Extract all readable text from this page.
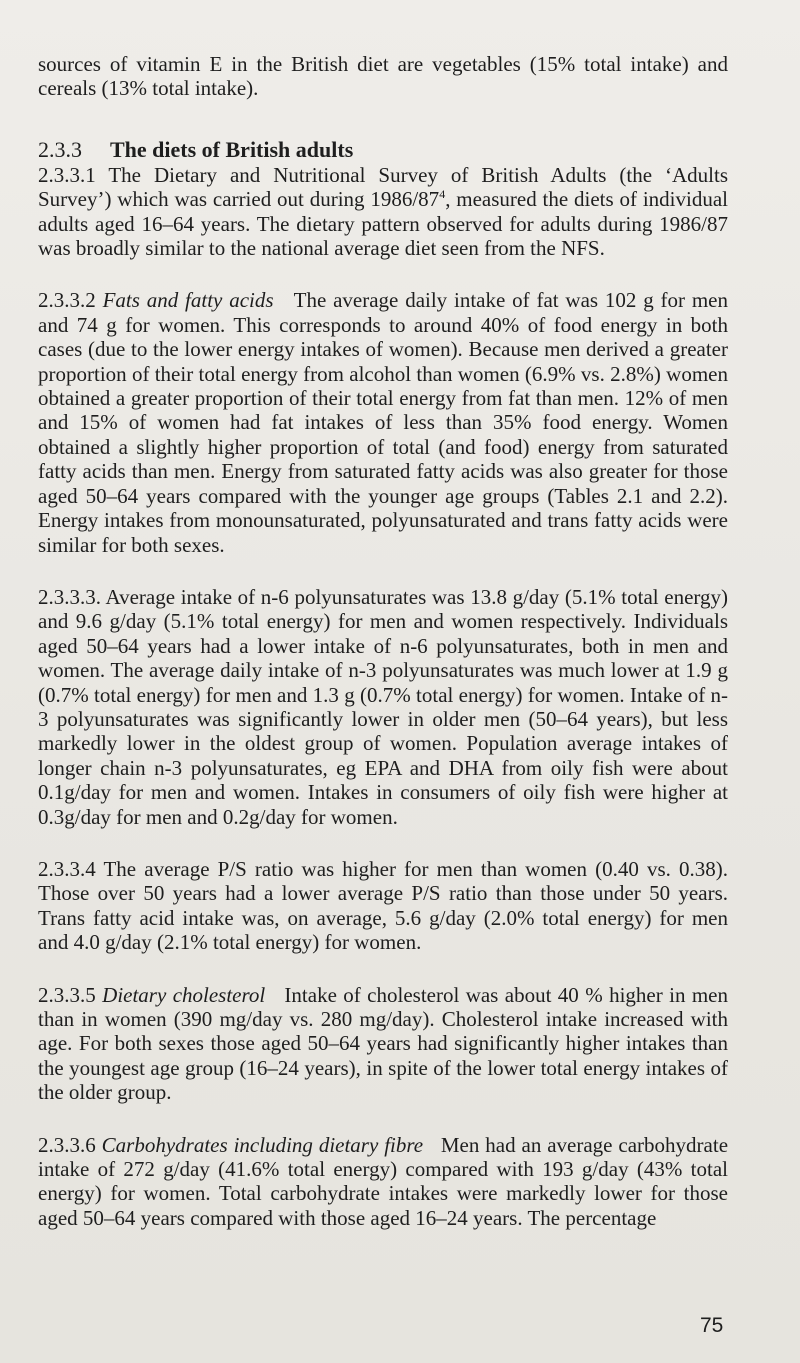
sources of vitamin E in the British diet are vegetables (15% total intake) and cereals (13% total intake).

2.3.3 The diets of British adults

2.3.3.1 The Dietary and Nutritional Survey of British Adults (the ‘Adults Survey’) which was carried out during $1986/87^4$, measured the diets of individual adults aged 16–64 years. The dietary pattern observed for adults during 1986/87 was broadly similar to the national average diet seen from the NFS.

2.3.3.2 Fats and fatty acids The average daily intake of fat was 102 g for men and 74 g for women. This corresponds to around 40% of food energy in both cases (due to the lower energy intakes of women). Because men derived a greater proportion of their total energy from alcohol than women (6.9% vs. 2.8%) women obtained a greater proportion of their total energy from fat than men. 12% of men and 15% of women had fat intakes of less than 35% food energy. Women obtained a slightly higher proportion of total (and food) energy from saturated fatty acids than men. Energy from saturated fatty acids was also greater for those aged 50–64 years compared with the younger age groups (Tables 2.1 and 2.2). Energy intakes from monounsaturated, polyunsaturated and trans fatty acids were similar for both sexes.

2.3.3.3. Average intake of n-6 polyunsaturates was 13.8 g/day (5.1% total energy) and 9.6 g/day (5.1% total energy) for men and women respectively. Individuals aged 50–64 years had a lower intake of n-6 polyunsaturates, both in men and women. The average daily intake of n-3 polyunsaturates was much lower at 1.9 g (0.7% total energy) for men and 1.3 g (0.7% total energy) for women. Intake of n-3 polyunsaturates was significantly lower in older men (50–64 years), but less markedly lower in the oldest group of women. Population average intakes of longer chain n-3 polyunsaturates, eg EPA and DHA from oily fish were about 0.1g/day for men and women. Intakes in consumers of oily fish were higher at 0.3g/day for men and 0.2g/day for women.

2.3.3.4 The average P/S ratio was higher for men than women (0.40 vs. 0.38). Those over 50 years had a lower average P/S ratio than those under 50 years. Trans fatty acid intake was, on average, 5.6 g/day (2.0% total energy) for men and 4.0 g/day (2.1% total energy) for women.

2.3.3.5 Dietary cholesterol Intake of cholesterol was about 40 % higher in men than in women (390 mg/day vs. 280 mg/day). Cholesterol intake increased with age. For both sexes those aged 50–64 years had significantly higher intakes than the youngest age group (16–24 years), in spite of the lower total energy intakes of the older group.

2.3.3.6 Carbohydrates including dietary fibre Men had an average carbohydrate intake of 272 g/day (41.6% total energy) compared with 193 g/day (43% total energy) for women. Total carbohydrate intakes were markedly lower for those aged 50–64 years compared with those aged 16–24 years. The percentage

75
